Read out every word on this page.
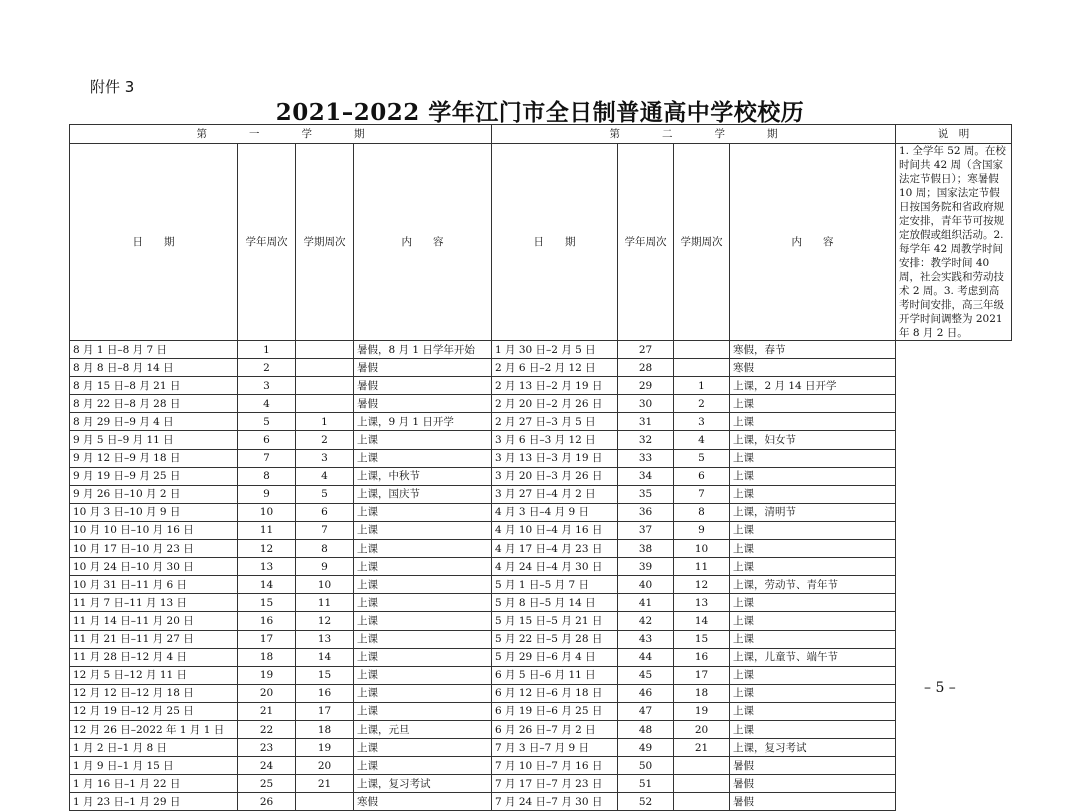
附件 3
2021–2022 学年江门市全日制普通高中学校校历
第　　　　一　　　　学　　　　期				第　　　　二　　　　学　　　　期				说　明
日　　期	学年周次	学期周次	内　　容	日　　期	学年周次	学期周次	内　　容	1. 全学年 52 周。在校时间共 42 周（含国家法定节假日）；寒暑假 10 周；国家法定节假日按国务院和省政府规定安排，青年节可按规定放假或组织活动。2. 每学年 42 周教学时间安排：教学时间 40 周，社会实践和劳动技术 2 周。3. 考虑到高考时间安排，高三年级开学时间调整为 2021 年 8 月 2 日。
8 月 1 日–8 月 7 日	1		暑假，8 月 1 日学年开始	1 月 30 日–2 月 5 日	27		寒假，春节	
8 月 8 日–8 月 14 日	2		暑假	2 月 6 日–2 月 12 日	28		寒假	
8 月 15 日–8 月 21 日	3		暑假	2 月 13 日–2 月 19 日	29	1	上课，2 月 14 日开学	
8 月 22 日–8 月 28 日	4		暑假	2 月 20 日–2 月 26 日	30	2	上课	
8 月 29 日–9 月 4 日	5	1	上课，9 月 1 日开学	2 月 27 日–3 月 5 日	31	3	上课	
9 月 5 日–9 月 11 日	6	2	上课	3 月 6 日–3 月 12 日	32	4	上课，妇女节	
9 月 12 日–9 月 18 日	7	3	上课	3 月 13 日–3 月 19 日	33	5	上课	
9 月 19 日–9 月 25 日	8	4	上课，中秋节	3 月 20 日–3 月 26 日	34	6	上课	
9 月 26 日–10 月 2 日	9	5	上课，国庆节	3 月 27 日–4 月 2 日	35	7	上课	
10 月 3 日–10 月 9 日	10	6	上课	4 月 3 日–4 月 9 日	36	8	上课，清明节	
10 月 10 日–10 月 16 日	11	7	上课	4 月 10 日–4 月 16 日	37	9	上课	
10 月 17 日–10 月 23 日	12	8	上课	4 月 17 日–4 月 23 日	38	10	上课	
10 月 24 日–10 月 30 日	13	9	上课	4 月 24 日–4 月 30 日	39	11	上课	
10 月 31 日–11 月 6 日	14	10	上课	5 月 1 日–5 月 7 日	40	12	上课，劳动节、青年节	
11 月 7 日–11 月 13 日	15	11	上课	5 月 8 日–5 月 14 日	41	13	上课	
11 月 14 日–11 月 20 日	16	12	上课	5 月 15 日–5 月 21 日	42	14	上课	
11 月 21 日–11 月 27 日	17	13	上课	5 月 22 日–5 月 28 日	43	15	上课	
11 月 28 日–12 月 4 日	18	14	上课	5 月 29 日–6 月 4 日	44	16	上课，儿童节、端午节	
12 月 5 日–12 月 11 日	19	15	上课	6 月 5 日–6 月 11 日	45	17	上课	
12 月 12 日–12 月 18 日	20	16	上课	6 月 12 日–6 月 18 日	46	18	上课	
12 月 19 日–12 月 25 日	21	17	上课	6 月 19 日–6 月 25 日	47	19	上课	
12 月 26 日–2022 年 1 月 1 日	22	18	上课，元旦	6 月 26 日–7 月 2 日	48	20	上课	
1 月 2 日–1 月 8 日	23	19	上课	7 月 3 日–7 月 9 日	49	21	上课，复习考试	
1 月 9 日–1 月 15 日	24	20	上课	7 月 10 日–7 月 16 日	50		暑假	
1 月 16 日–1 月 22 日	25	21	上课，复习考试	7 月 17 日–7 月 23 日	51		暑假	
1 月 23 日–1 月 29 日	26		寒假	7 月 24 日–7 月 30 日	52		暑假	
– 5 –
